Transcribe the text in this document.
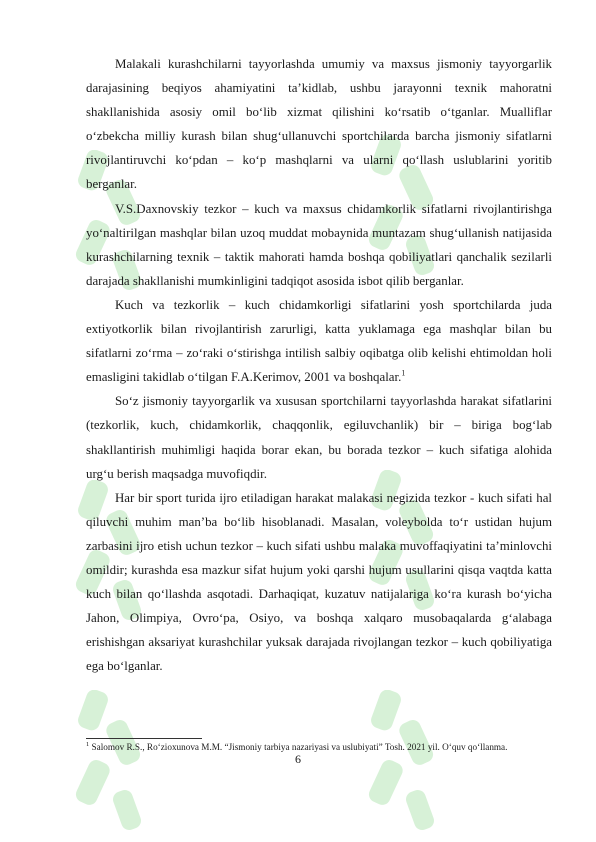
Malakali kurashchilarni tayyorlashda umumiy va maxsus jismoniy tayyorgarlik darajasining beqiyos ahamiyatini ta’kidlab, ushbu jarayonni texnik mahoratni shakllanishida asosiy omil bo‘lib xizmat qilishini ko‘rsatib o‘tganlar. Mualliflar o‘zbekcha milliy kurash bilan shug‘ullanuvchi sportchilarda barcha jismoniy sifatlarni rivojlantiruvchi ko‘pdan – ko‘p mashqlarni va ularni qo‘llash uslublarini yoritib berganlar.

V.S.Daxnovskiy tezkor – kuch va maxsus chidamkorlik sifatlarni rivojlantirishga yo‘naltirilgan mashqlar bilan uzoq muddat mobaynida muntazam shug‘ullanish natijasida kurashchilarning texnik – taktik mahorati hamda boshqa qobiliyatlari qanchalik sezilarli darajada shakllanishi mumkinligini tadqiqot asosida isbot qilib berganlar.

Kuch va tezkorlik – kuch chidamkorligi sifatlarini yosh sportchilarda juda extiyotkorlik bilan rivojlantirish zarurligi, katta yuklamaga ega mashqlar bilan bu sifatlarni zo‘rma – zo‘raki o‘stirishga intilish salbiy oqibatga olib kelishi ehtimoldan holi emasligini takidlab o‘tilgan F.A.Kerimov, 2001 va boshqalar.$^1$

So‘z jismoniy tayyorgarlik va xususan sportchilarni tayyorlashda harakat sifatlarini (tezkorlik, kuch, chidamkorlik, chaqqonlik, egiluvchanlik) bir – biriga bog‘lab shakllantirish muhimligi haqida borar ekan, bu borada tezkor – kuch sifatiga alohida urg‘u berish maqsadga muvofiqdir.

Har bir sport turida ijro etiladigan harakat malakasi negizida tezkor - kuch sifati hal qiluvchi muhim man’ba bo‘lib hisoblanadi. Masalan, voleybolda to‘r ustidan hujum zarbasini ijro etish uchun tezkor – kuch sifati ushbu malaka muvoffaqiyatini ta’minlovchi omildir; kurashda esa mazkur sifat hujum yoki qarshi hujum usullarini qisqa vaqtda katta kuch bilan qo‘llashda asqotadi. Darhaqiqat, kuzatuv natijalariga ko‘ra kurash bo‘yicha Jahon, Olimpiya, Ovro‘pa, Osiyo, va boshqa xalqaro musobaqalarda g‘alabaga erishishgan aksariyat kurashchilar yuksak darajada rivojlangan tezkor – kuch qobiliyatiga ega bo‘lganlar.

$^1$ Salomov R.S., Ro‘zioxunova M.M. “Jismoniy tarbiya nazariyasi va uslubiyati” Tosh. 2021 yil. O‘quv qo‘llanma.

6
